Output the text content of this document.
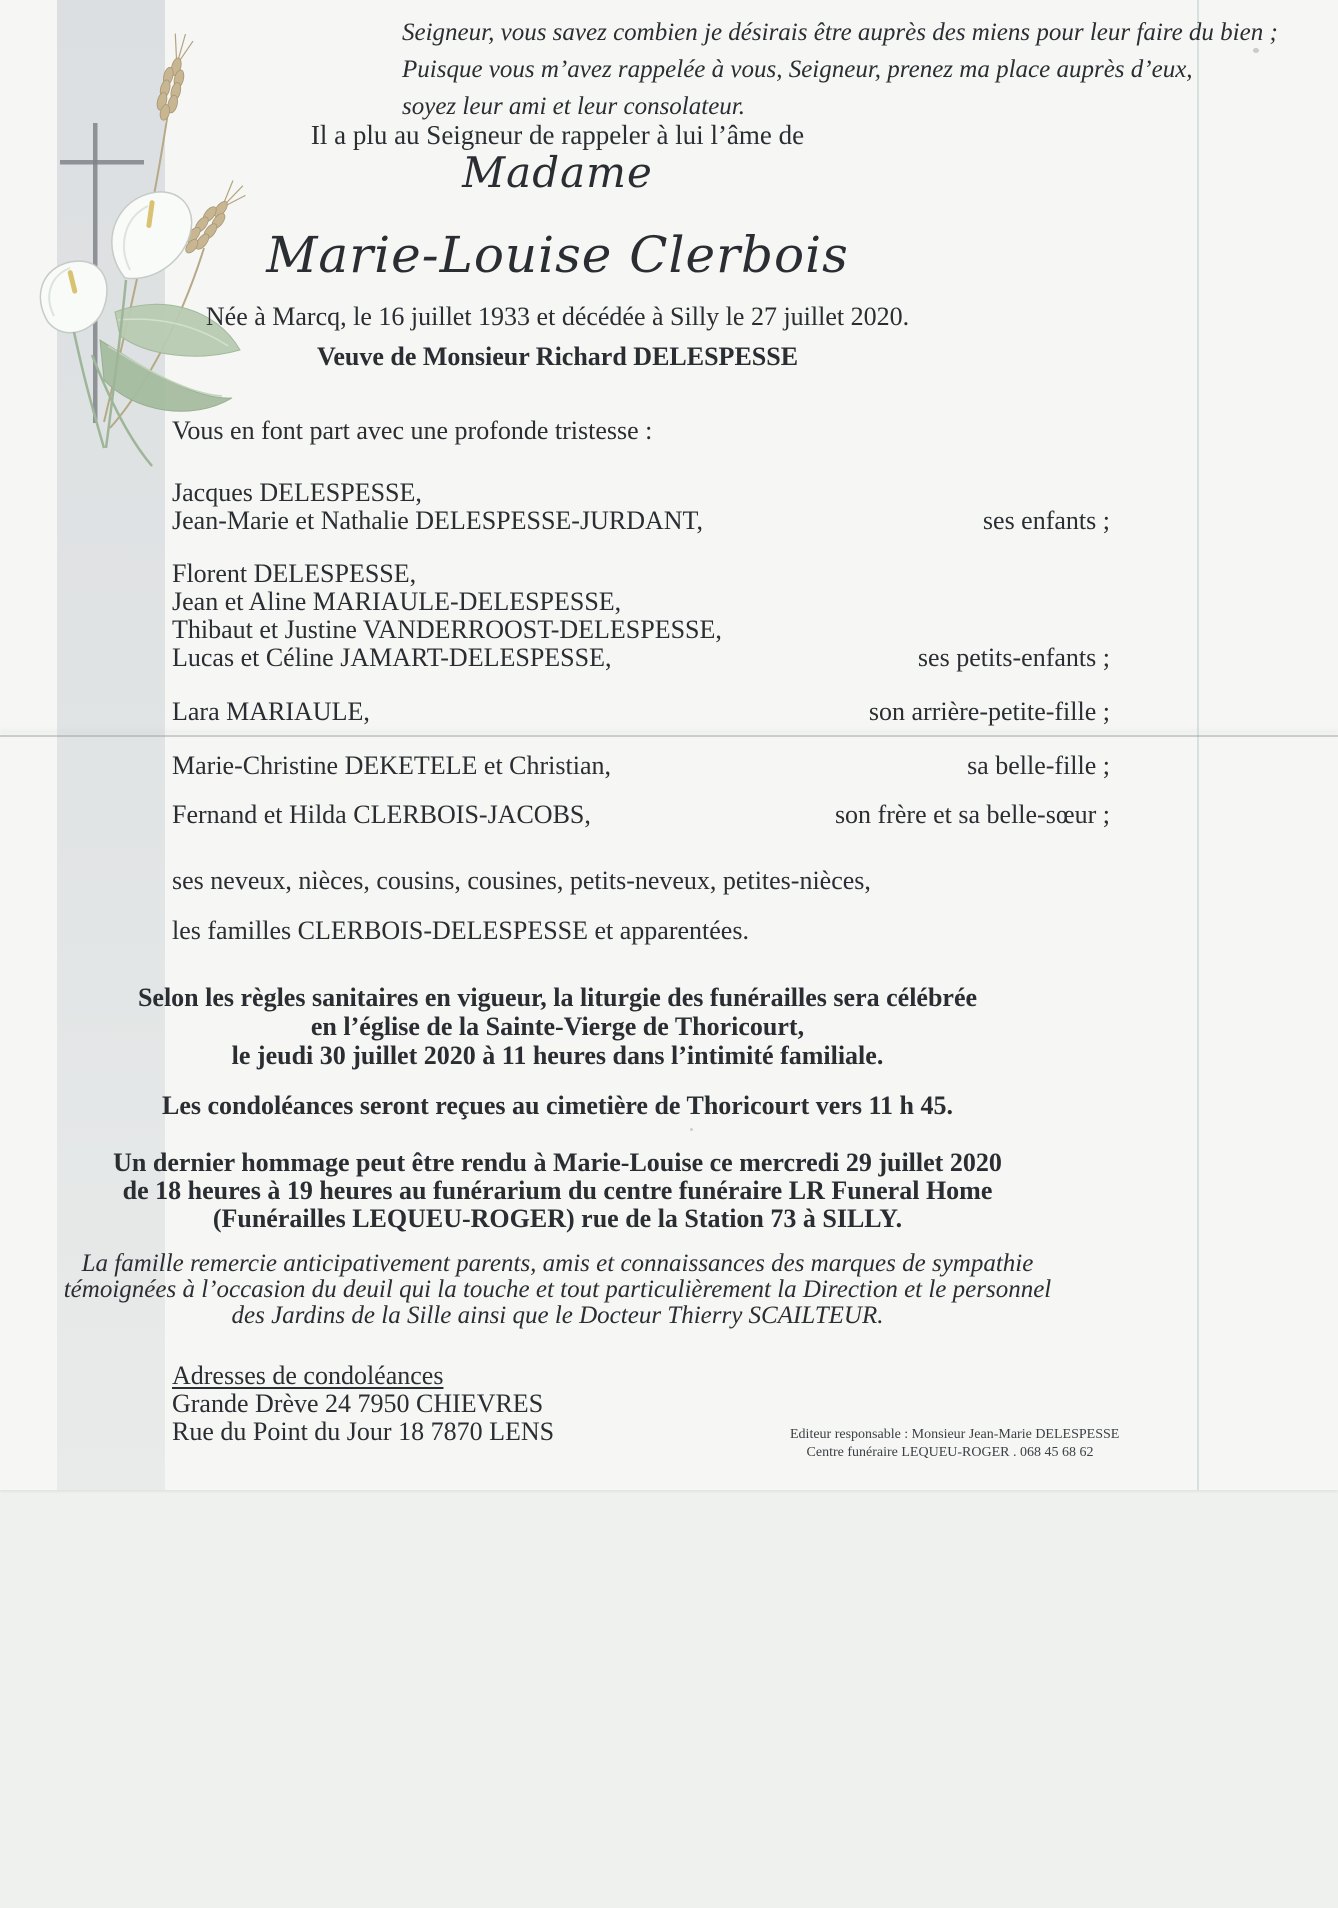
Seigneur, vous savez combien je désirais être auprès des miens pour leur faire du bien ;
Puisque vous m’avez rappelée à vous, Seigneur, prenez ma place auprès d’eux,
soyez leur ami et leur consolateur.
Il a plu au Seigneur de rappeler à lui l’âme de
Madame
Marie-Louise Clerbois
Née à Marcq, le 16 juillet 1933 et décédée à Silly le 27 juillet 2020.
Veuve de Monsieur Richard DELESPESSE
Vous en font part avec une profonde tristesse :
Jacques DELESPESSE,
Jean-Marie et Nathalie DELESPESSE-JURDANT,	ses enfants ;
Florent DELESPESSE,
Jean et Aline MARIAULE-DELESPESSE,
Thibaut et Justine VANDERROOST-DELESPESSE,
Lucas et Céline JAMART-DELESPESSE,	ses petits-enfants ;
Lara MARIAULE,	son arrière-petite-fille ;
Marie-Christine DEKETELE et Christian,	sa belle-fille ;
Fernand et Hilda CLERBOIS-JACOBS,	son frère et sa belle-sœur ;
ses neveux, nièces, cousins, cousines, petits-neveux, petites-nièces,
les familles CLERBOIS-DELESPESSE et apparentées.
Selon les règles sanitaires en vigueur, la liturgie des funérailles sera célébrée
en l’église de la Sainte-Vierge de Thoricourt,
le jeudi 30 juillet 2020 à 11 heures dans l’intimité familiale.
Les condoléances seront reçues au cimetière de Thoricourt vers 11 h 45.
Un dernier hommage peut être rendu à Marie-Louise ce mercredi 29 juillet 2020
de 18 heures à 19 heures au funérarium du centre funéraire LR Funeral Home
(Funérailles LEQUEU-ROGER) rue de la Station 73 à SILLY.
La famille remercie anticipativement parents, amis et connaissances des marques de sympathie
témoignées à l’occasion du deuil qui la touche et tout particulièrement la Direction et le personnel
des Jardins de la Sille ainsi que le Docteur Thierry SCAILTEUR.
Adresses de condoléances
Grande Drève 24 7950 CHIEVRES
Rue du Point du Jour 18 7870 LENS	Editeur responsable : Monsieur Jean-Marie DELESPESSE
Centre funéraire LEQUEU-ROGER . 068 45 68 62
